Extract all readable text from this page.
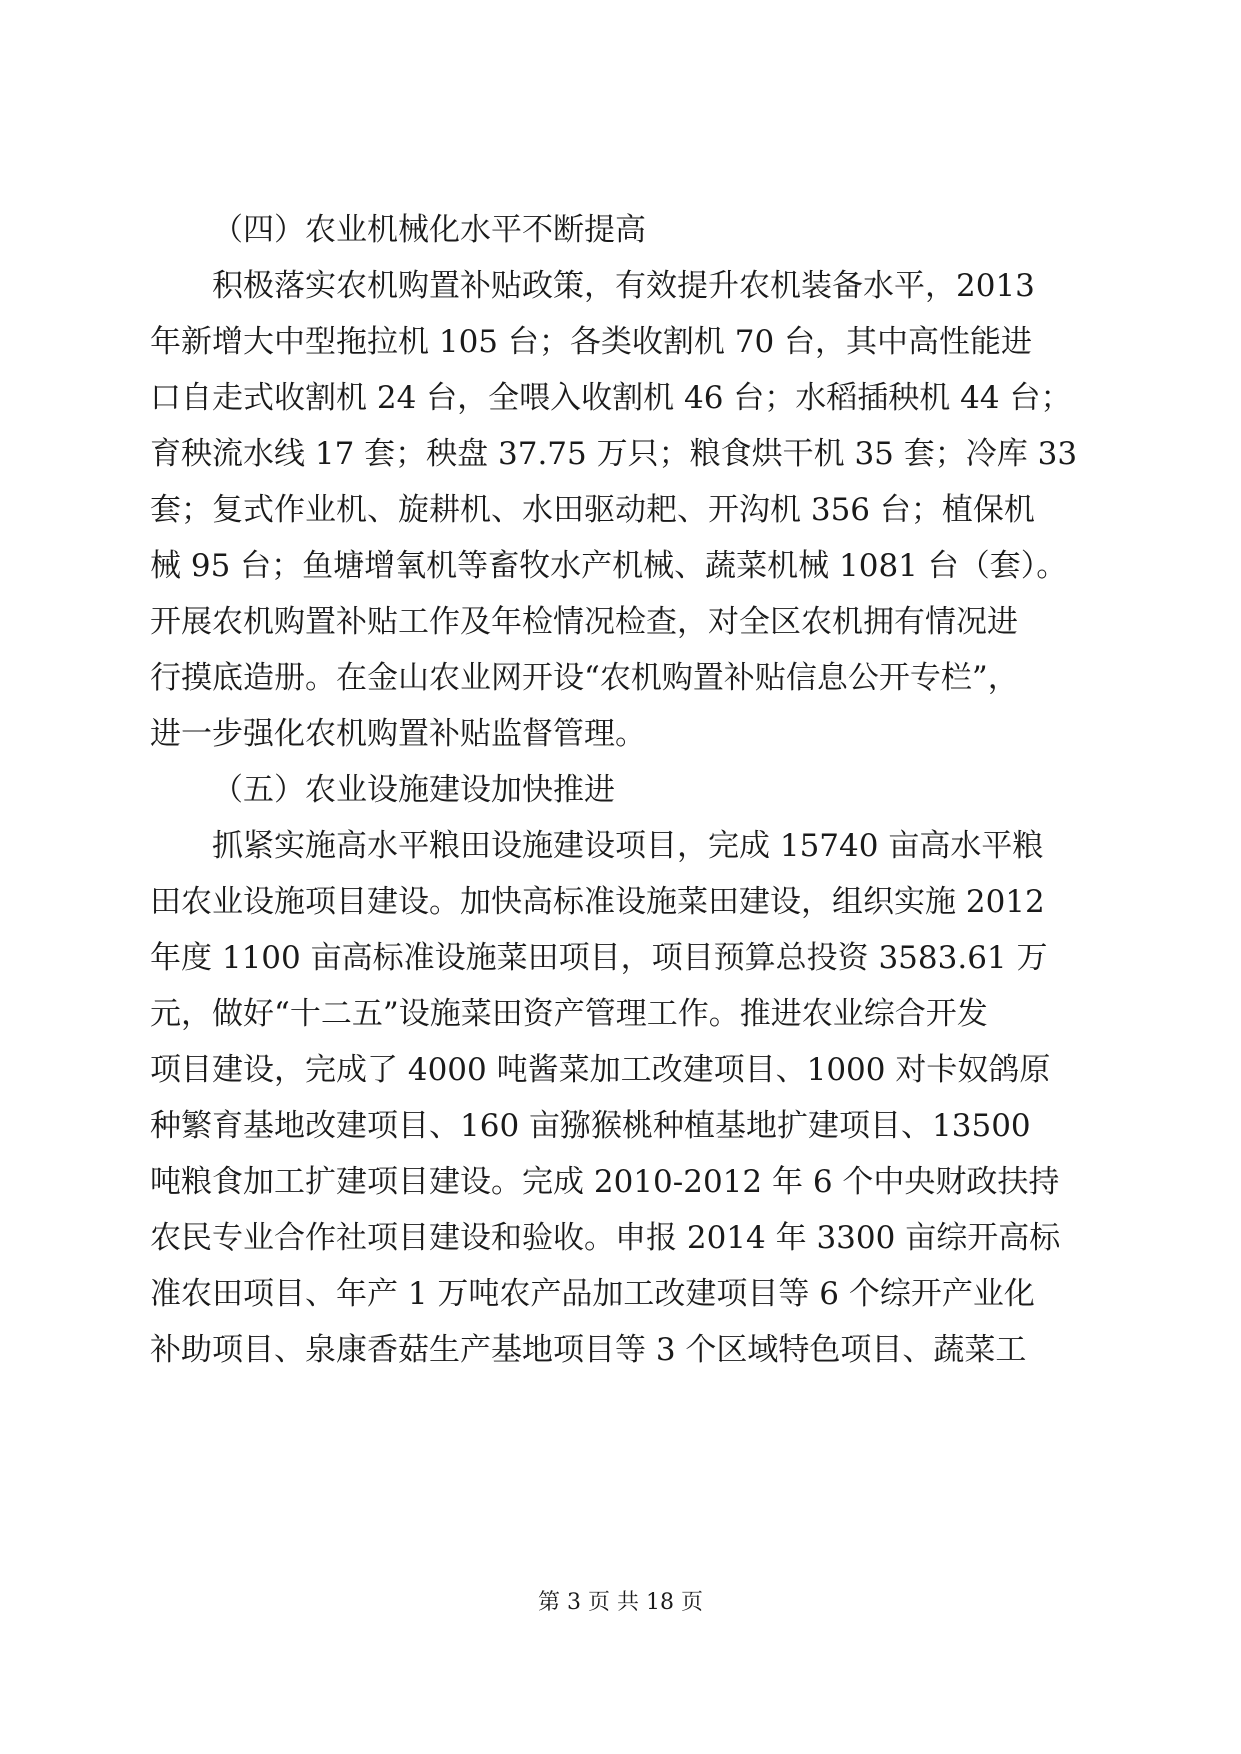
（四）农业机械化水平不断提高
积极落实农机购置补贴政策，有效提升农机装备水平，2013
年新增大中型拖拉机 105 台；各类收割机 70 台，其中高性能进
口自走式收割机 24 台，全喂入收割机 46 台；水稻插秧机 44 台；
育秧流水线 17 套；秧盘 37.75 万只；粮食烘干机 35 套；冷库 33
套；复式作业机、旋耕机、水田驱动耙、开沟机 356 台；植保机
械 95 台；鱼塘增氧机等畜牧水产机械、蔬菜机械 1081 台（套）。
开展农机购置补贴工作及年检情况检查，对全区农机拥有情况进
行摸底造册。在金山农业网开设“农机购置补贴信息公开专栏”，
进一步强化农机购置补贴监督管理。
（五）农业设施建设加快推进
抓紧实施高水平粮田设施建设项目，完成 15740 亩高水平粮
田农业设施项目建设。加快高标准设施菜田建设，组织实施 2012
年度 1100 亩高标准设施菜田项目，项目预算总投资 3583.61 万
元，做好“十二五”设施菜田资产管理工作。推进农业综合开发
项目建设，完成了 4000 吨酱菜加工改建项目、1000 对卡奴鸽原
种繁育基地改建项目、160 亩猕猴桃种植基地扩建项目、13500
吨粮食加工扩建项目建设。完成 2010-2012 年 6 个中央财政扶持
农民专业合作社项目建设和验收。申报 2014 年 3300 亩综开高标
准农田项目、年产 1 万吨农产品加工改建项目等 6 个综开产业化
补助项目、泉康香菇生产基地项目等 3 个区域特色项目、蔬菜工
第 3 页 共 18 页
